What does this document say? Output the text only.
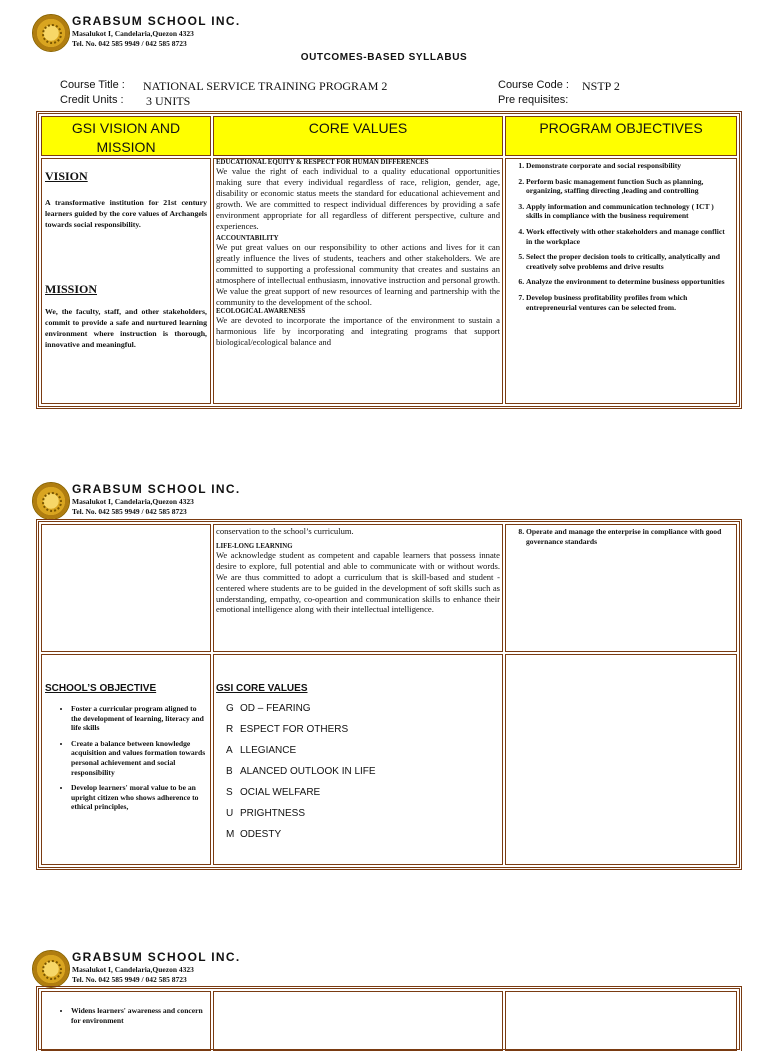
GRABSUM SCHOOL INC.
Masalukot I, Candelaria,Quezon 4323
Tel. No. 042 585 9949 / 042 585 8723
OUTCOMES-BASED SYLLABUS
Course Title : NATIONAL SERVICE TRAINING PROGRAM 2
Credit Units : 3 UNITS
Course Code : NSTP 2
Pre requisites:
GSI VISION AND MISSION
CORE VALUES	PROGRAM OBJECTIVES

VISION

A transformative institution for 21st century learners guided by the core values of Archangels towards social responsibility.

MISSION

We, the faculty, staff, and other stakeholders, commit to provide a safe and nurtured learning environment where instruction is thorough, innovative and meaningful.

EDUCATIONAL EQUITY & RESPECT FOR HUMAN DIFFERENCES

We value the right of each individual to a quality educational opportunities making sure that every individual regardless of race, religion, gender, age, disability or economic status meets the standard for educational achievement and growth. We are committed to respect individual differences by providing a safe environment appropriate for all regardless of different perspective, culture and experiences.

ACCOUNTABILITY

We put great values on our responsibility to other actions and lives for it can greatly influence the lives of students, teachers and other stakeholders. We are committed to supporting a professional community that creates and sustains an atmosphere of intellectual enthusiasm, innovative instruction and personal growth. We value the great support of new resources of learning and partnership with the community to the development of the school.

ECOLOGICAL AWARENESS

We are devoted to incorporate the importance of the environment to sustain a harmonious life by incorporating and integrating programs that support biological/ecological balance and

1. Demonstrate corporate and social responsibility
2. Perform basic management function Such as planning, organizing, staffing directing ,leading and controlling
3. Apply information and communication technology ( ICT ) skills in compliance with the business requirement
4. Work effectively with other stakeholders and manage conflict in the workplace
5. Select the proper decision tools to critically, analytically and creatively solve problems and drive results
6. Analyze the environment to determine business opportunities
7. Develop business profitability profiles from which entrepreneurial ventures can be selected from.
GRABSUM SCHOOL INC.
Masalukot I, Candelaria,Quezon 4323
Tel. No. 042 585 9949 / 042 585 8723

conservation to the school’s curriculum.

LIFE-LONG LEARNING

We acknowledge student as competent and capable learners that possess innate desire to explore, full potential and able to communicate with or without words. We are thus committed to adopt a curriculum that is skill-based and student -centered where students are to be guided in the development of soft skills such as understanding, empathy, co-opeartion and communication skills to enhance their emotional intelligence along with their intellectual intelligence.

8. Operate and manage the enterprise in compliance with good governance standards

SCHOOL’S OBJECTIVE

• Foster a curricular program aligned to the development of learning, literacy and life skills
• Create a balance between knowledge acquisition and values formation towards personal achievement and social responsibility
• Develop learners' moral value to be an upright citizen who shows adherence to ethical principles,

GSI CORE VALUES

G OD – FEARING

R ESPECT FOR OTHERS

A LLEGIANCE

B ALANCED OUTLOOK IN LIFE

S OCIAL WELFARE

U PRIGHTNESS

M ODESTY

GRABSUM SCHOOL INC.
Masalukot I, Candelaria,Quezon 4323
Tel. No. 042 585 9949 / 042 585 8723
• Widens learners' awareness and concern for environment
